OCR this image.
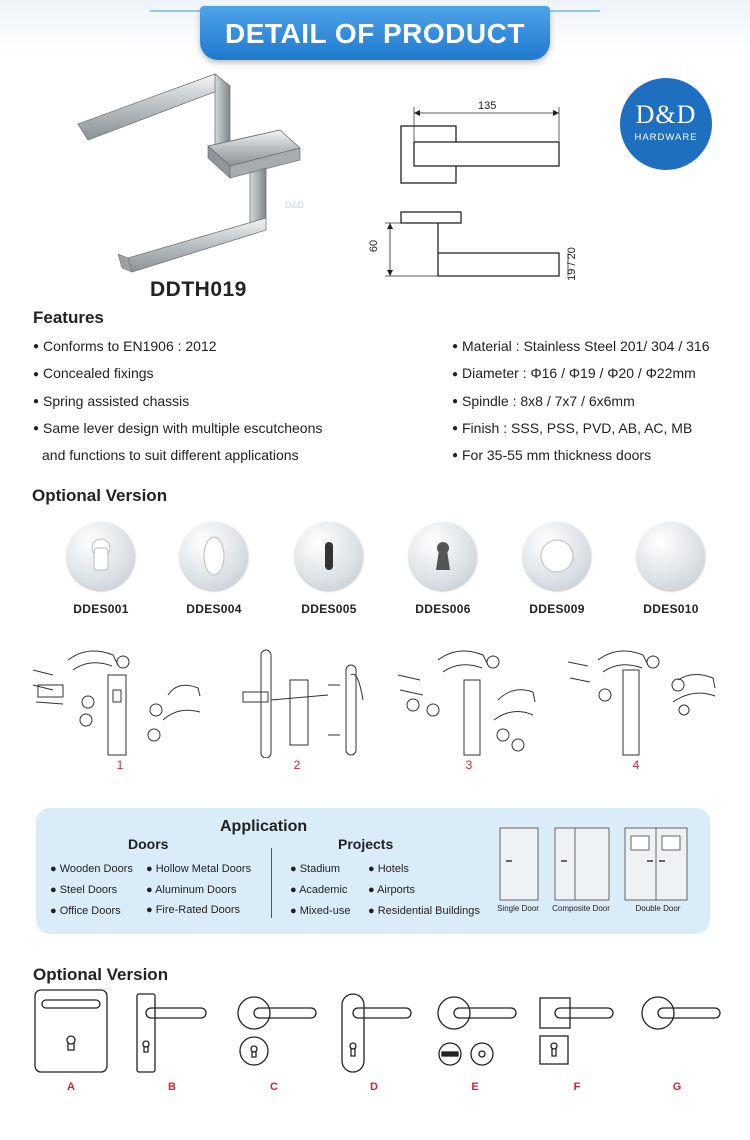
DETAIL OF PRODUCT
D&D
HARDWARE
D&D
DDTH019
135
60
19 / 20
Features
● Conforms to EN1906 : 2012
● Concealed fixings
● Spring assisted chassis
● Same lever design with multiple escutcheons
and functions to suit different applications
● Material : Stainless Steel 201/ 304 / 316
● Diameter : Φ16 / Φ19 / Φ20 / Φ22mm
● Spindle : 8x8 / 7x7 / 6x6mm
● Finish : SSS, PSS, PVD, AB, AC, MB
● For 35-55 mm thickness doors
Optional Version
DDES001	DDES004	DDES005	DDES006	DDES009	DDES010
1	2	3	4
Application
Doors	Projects
● Wooden Doors ● Hollow Metal Doors
● Steel Doors	● Aluminum Doors
● Office Doors ● Fire-Rated Doors
● Stadium	● Hotels
● Academic ● Airports
● Mixed-use ● Residential Buildings	Single Door	Composite Door	Double Door
Optional Version
A	B	C	D	E	F	G
